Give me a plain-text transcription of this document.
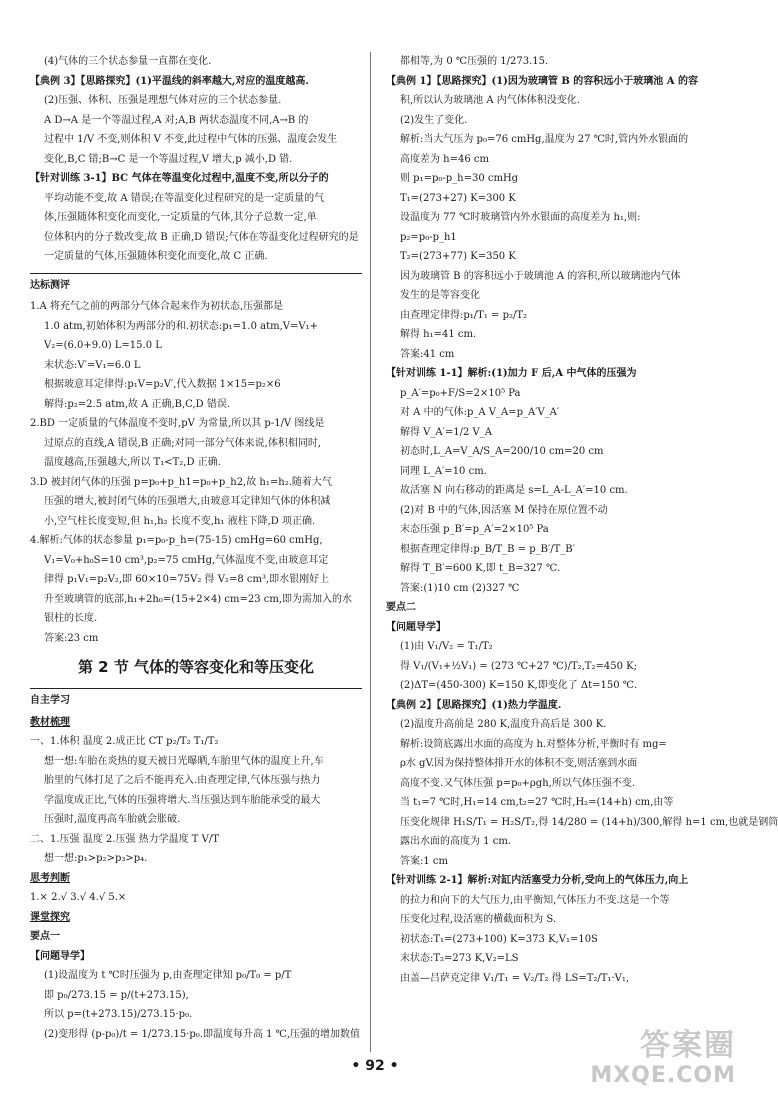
(4)气体的三个状态参量一直都在变化.
【典例 3】【思路探究】(1)平温线的斜率越大,对应的温度越高.
(2)压强、体积、压强是理想气体对应的三个状态参量.
A D→A 是一个等温过程,A 对;A,B 两状态温度不同,A→B 的
过程中 1/V 不变,则体积 V 不变,此过程中气体的压强、温度会发生
变化,B,C 错;B→C 是一个等温过程,V 增大,p 减小,D 错.
【针对训练 3-1】BC 气体在等温变化过程中,温度不变,所以分子的
平均动能不变,故 A 错误;在等温变化过程研究的是一定质量的气
体,压强随体积变化而变化,一定质量的气体,其分子总数一定,单
位体积内的分子数改变,故 B 正确,D 错误;气体在等温变化过程研究的是
一定质量的气体,压强随体积变化而变化,故 C 正确.
达标测评
1.A 将充气之前的两部分气体合起来作为初状态,压强都是
1.0 atm,初始体积为两部分的和.初状态:p₁=1.0 atm,V=V₁+
V₂=(6.0+9.0) L=15.0 L
末状态:V′=V₁=6.0 L
根据玻意耳定律得:p₁V=p₂V′,代入数据 1×15=p₂×6
解得:p₂=2.5 atm,故 A 正确,B,C,D 错误.
2.BD 一定质量的气体温度不变时,pV 为常量,所以其 p-1/V 图线是
过原点的直线,A 错误,B 正确;对同一部分气体来说,体积相同时,
温度越高,压强越大,所以 T₁<T₂,D 正确.
3.D 被封闭气体的压强 p=p₀+p_h1=p₀+p_h2,故 h₁=h₂.随着大气
压强的增大,被封闭气体的压强增大,由玻意耳定律知气体的体积减
小,空气柱长度变短,但 h₁,h₂ 长度不变,h₁ 液柱下降,D 项正确.
4.解析:气体的状态参量 p₁=p₀-p_h=(75-15) cmHg=60 cmHg,
V₁=V₀+h₀S=10 cm³,p₂=75 cmHg,气体温度不变,由玻意耳定
律得 p₁V₁=p₂V₂,即 60×10=75V₂ 得 V₂=8 cm³,即水银刚好上
升至玻璃管的底部,h₁+2h₀=(15+2×4) cm=23 cm,即为需加入的水
银柱的长度.
答案:23 cm
第 2 节 气体的等容变化和等压变化
自主学习
教材梳理
一、1.体积 温度 2.成正比 CT p₂/T₂ T₁/T₂
想一想:车胎在炎热的夏天被日光曝晒,车胎里气体的温度上升,车
胎里的气体打足了之后不能再充入.由查理定律,气体压强与热力
学温度成正比,气体的压强将增大.当压强达到车胎能承受的最大
压强时,温度再高车胎就会胀破.
二、1.压强 温度 2.压强 热力学温度 T V/T
想一想:p₁>p₂>p₃>p₄.
思考判断
1.× 2.√ 3.√ 4.√ 5.×
课堂探究
要点一
【问题导学】
(1)设温度为 t ℃时压强为 p,由查理定律知 p₀/T₀ = p/T
即 p₀/273.15 = p/(t+273.15),
所以 p=(t+273.15)/273.15·p₀.
(2)变形得 (p-p₀)/t = 1/273.15·p₀.即温度每升高 1 ℃,压强的增加数值
都相等,为 0 ℃压强的 1/273.15.
【典例 1】【思路探究】(1)因为玻璃管 B 的容积远小于玻璃池 A 的容
积,所以认为玻璃池 A 内气体体积没变化.
(2)发生了变化.
解析:当大气压为 p₀=76 cmHg,温度为 27 ℃时,管内外水银面的
高度差为 h=46 cm
则 p₁=p₀-p_h=30 cmHg
T₁=(273+27) K=300 K
设温度为 77 ℃时玻璃管内外水银面的高度差为 h₁,则:
p₂=p₀-p_h1
T₂=(273+77) K=350 K
因为玻璃管 B 的容积远小于玻璃池 A 的容积,所以玻璃池内气体
发生的是等容变化
由查理定律得:p₁/T₁ = p₂/T₂
解得 h₁=41 cm.
答案:41 cm
【针对训练 1-1】解析:(1)加力 F 后,A 中气体的压强为
p_A′=p₀+F/S=2×10⁵ Pa
对 A 中的气体:p_A V_A=p_A′V_A′
解得 V_A′=1/2 V_A
初态时,L_A=V_A/S_A=200/10 cm=20 cm
同理 L_A′=10 cm.
故活塞 N 向右移动的距离是 s=L_A-L_A′=10 cm.
(2)对 B 中的气体,因活塞 M 保持在原位置不动
末态压强 p_B′=p_A′=2×10⁵ Pa
根据查理定律得:p_B/T_B = p_B′/T_B′
解得 T_B′=600 K,即 t_B=327 ℃.
答案:(1)10 cm (2)327 ℃
要点二
【问题导学】
(1)由 V₁/V₂ = T₁/T₂
得 V₁/(V₁+½V₁) = (273 ℃+27 ℃)/T₂,T₂=450 K;
(2)ΔT=(450-300) K=150 K,即变化了 Δt=150 ℃.
【典例 2】【思路探究】(1)热力学温度.
(2)温度升高前是 280 K,温度升高后是 300 K.
解析:设筒底露出水面的高度为 h.对整体分析,平衡时有 mg=
ρ水 gV.因为保持整体排开水的体积不变,则活塞到水面
高度不变.又气体压强 p=p₀+ρgh,所以气体压强不变.
当 t₁=7 ℃时,H₁=14 cm,t₂=27 ℃时,H₂=(14+h) cm,由等
压变化规律 H₁S/T₁ = H₂S/T₂,得 14/280 = (14+h)/300,解得 h=1 cm,也就是钢筒
露出水面的高度为 1 cm.
答案:1 cm
【针对训练 2-1】解析:对缸内活塞受力分析,受向上的气体压力,向上
的拉力和向下的大气压力,由平衡知,气体压力不变.这是一个等
压变化过程,设活塞的横截面积为 S.
初状态:T₁=(273+100) K=373 K,V₁=10S
末状态:T₂=273 K,V₂=LS
由盖—吕萨克定律 V₁/T₁ = V₂/T₂ 得 LS=T₂/T₁·V₁,
• 92 •
答案圈
MXQE.COM
